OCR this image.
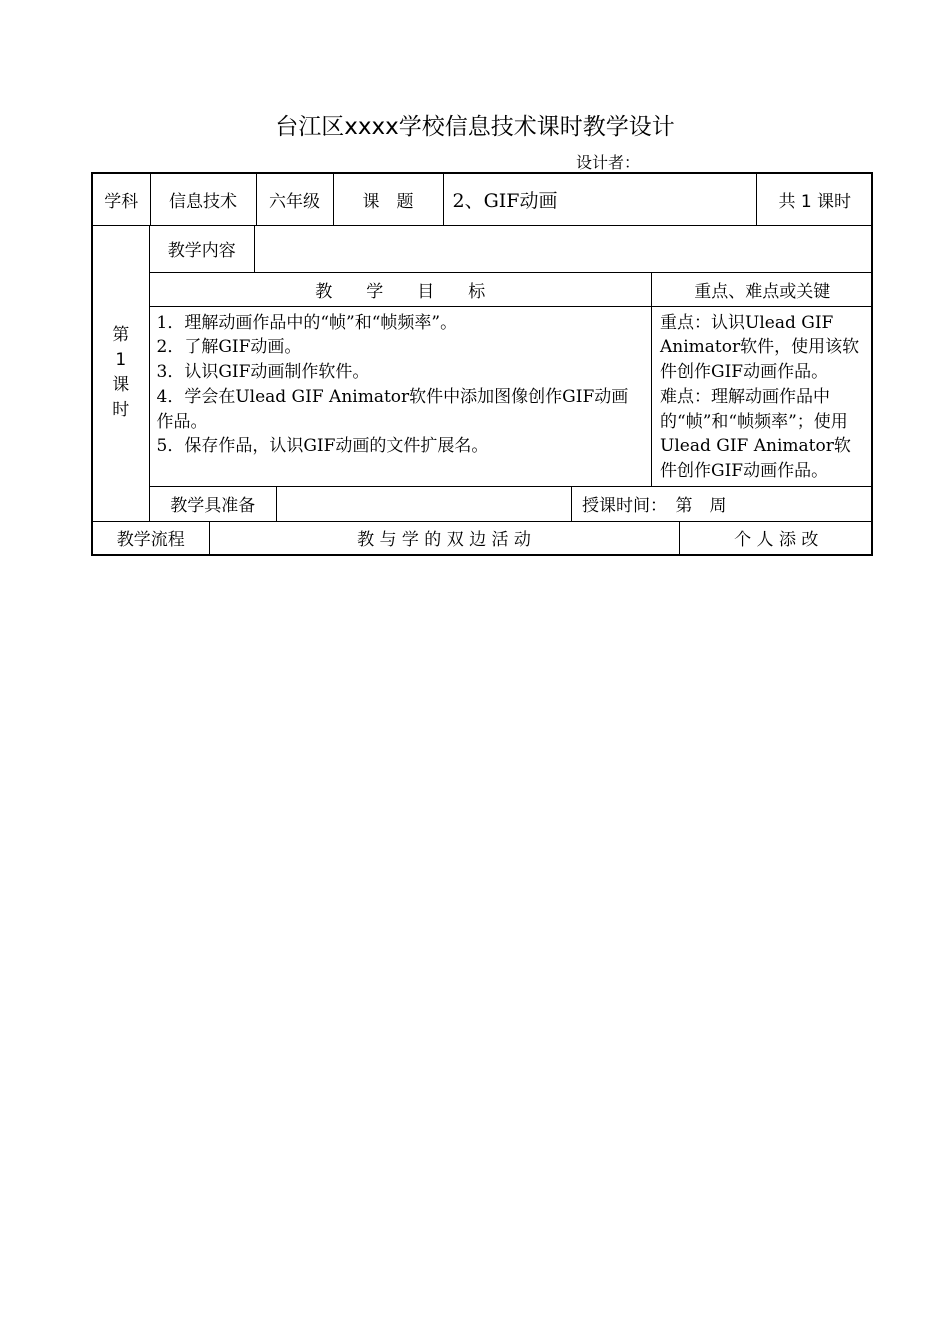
台江区xxxx学校信息技术课时教学设计
设计者：
学科	信息技术	六年级	课　题	2、GIF动画	共 1 课时

第
1
课
时

教学内容	
教　　学　　目　　标	重点、难点或关键

1．理解动画作品中的“帧”和“帧频率”。
2．了解GIF动画。
3．认识GIF动画制作软件。
4．学会在Ulead GIF Animator软件中添加图像创作GIF动画作品。
5．保存作品，认识GIF动画的文件扩展名。

重点：认识Ulead GIF Animator软件，使用该软件创作GIF动画作品。
难点：理解动画作品中的“帧”和“帧频率”；使用Ulead GIF Animator软件创作GIF动画作品。

教学具准备		授课时间：　第　周

教学流程	教 与 学 的 双 边 活 动	个 人 添 改
